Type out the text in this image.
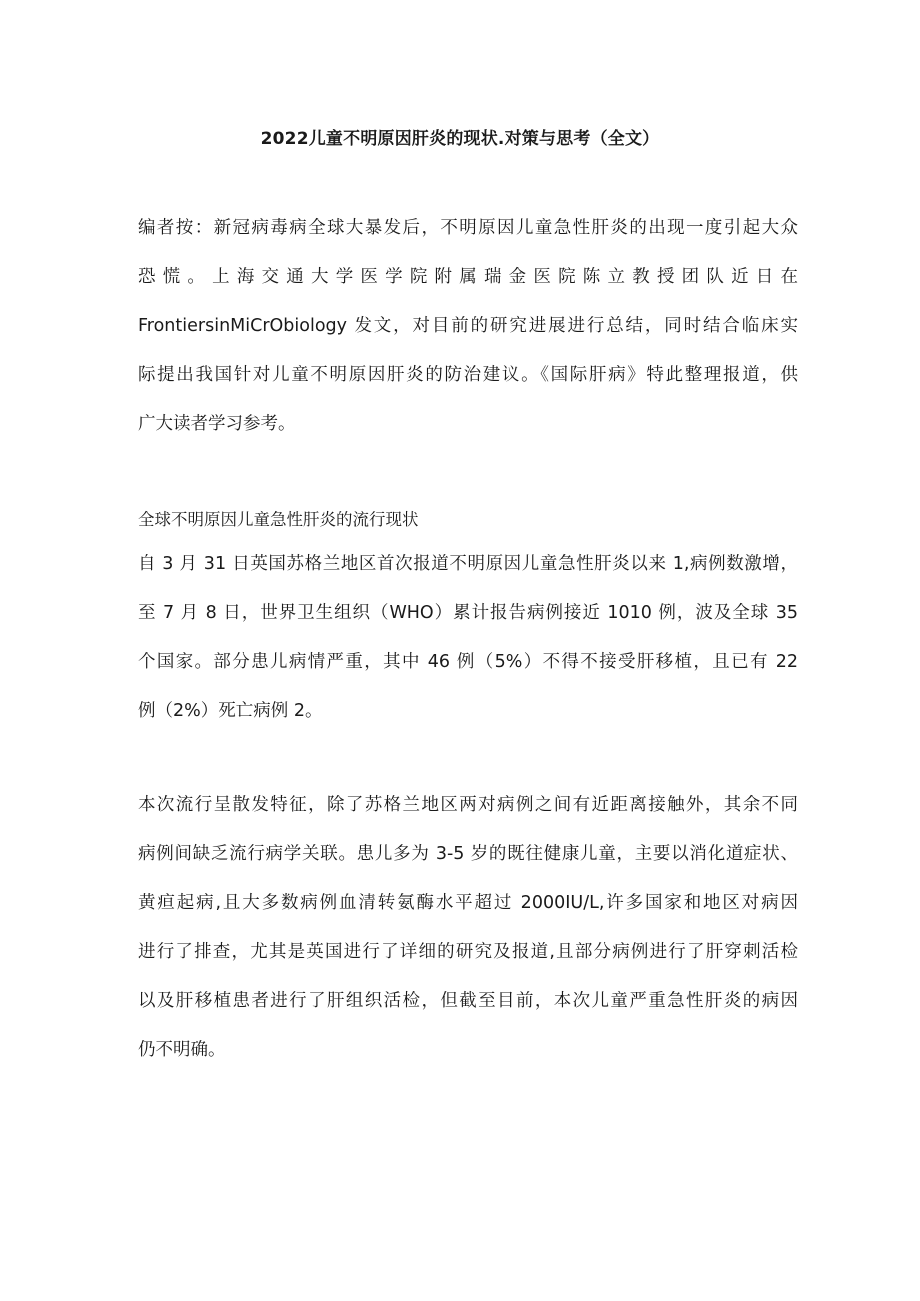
2022儿童不明原因肝炎的现状.对策与思考（全文）
编者按：新冠病毒病全球大暴发后，不明原因儿童急性肝炎的出现一度引起大众
恐慌。上海交通大学医学院附属瑞金医院陈立教授团队近日在
FrontiersinMiCrObiology 发文，对目前的研究进展进行总结，同时结合临床实
际提出我国针对儿童不明原因肝炎的防治建议。《国际肝病》特此整理报道，供
广大读者学习参考。
全球不明原因儿童急性肝炎的流行现状
自 3 月 31 日英国苏格兰地区首次报道不明原因儿童急性肝炎以来 1,病例数激增，
至 7 月 8 日，世界卫生组织（WHO）累计报告病例接近 1010 例，波及全球 35
个国家。部分患儿病情严重，其中 46 例（5%）不得不接受肝移植，且已有 22
例（2%）死亡病例 2。
本次流行呈散发特征，除了苏格兰地区两对病例之间有近距离接触外，其余不同
病例间缺乏流行病学关联。患儿多为 3-5 岁的既往健康儿童，主要以消化道症状、
黄疸起病,且大多数病例血清转氨酶水平超过 2000IU/L,许多国家和地区对病因
进行了排查，尤其是英国进行了详细的研究及报道,且部分病例进行了肝穿刺活检
以及肝移植患者进行了肝组织活检，但截至目前，本次儿童严重急性肝炎的病因
仍不明确。
